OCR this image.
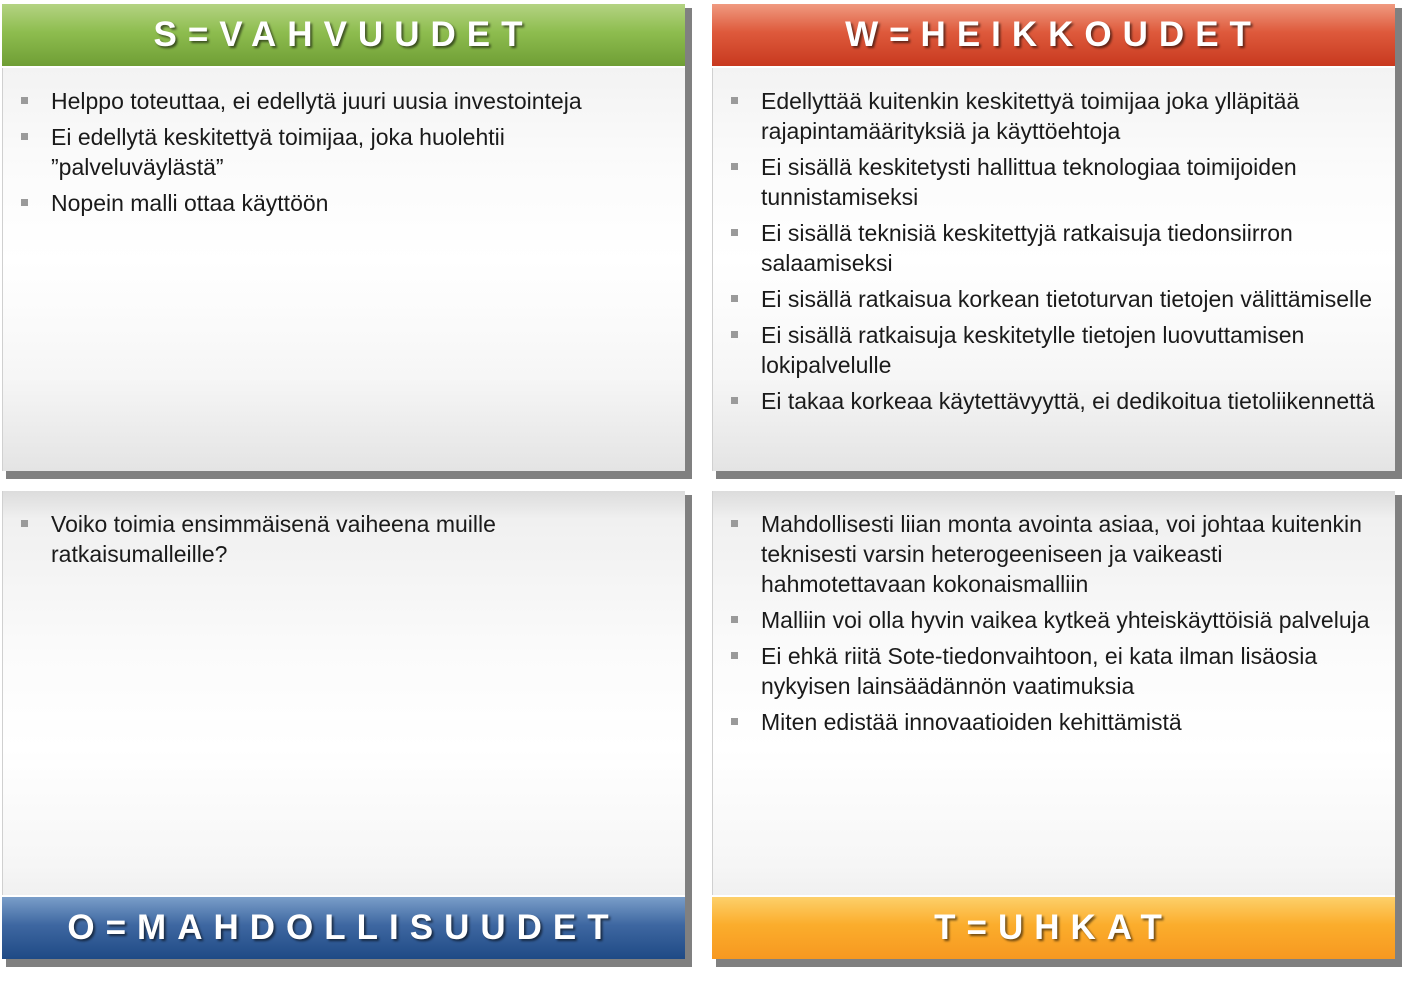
Helppo toteuttaa, ei edellytä juuri uusia investointeja
Ei edellytä keskitettyä toimijaa, joka huolehtii ”palveluväylästä”
Nopein malli ottaa käyttöön
S=VAHVUUDET
Edellyttää kuitenkin keskitettyä toimijaa joka ylläpitää rajapintamäärityksiä ja käyttöehtoja
Ei sisällä keskitetysti hallittua teknologiaa toimijoiden tunnistamiseksi
Ei sisällä teknisiä keskitettyjä ratkaisuja tiedonsiirron salaamiseksi
Ei sisällä ratkaisua korkean tietoturvan tietojen välittämiselle
Ei sisällä ratkaisuja keskitetylle tietojen luovuttamisen lokipalvelulle
Ei takaa korkeaa käytettävyyttä, ei dedikoitua tietoliikennettä
W=HEIKKOUDET
Voiko toimia ensimmäisenä vaiheena muille ratkaisumalleille?
O=MAHDOLLISUUDET
Mahdollisesti liian monta avointa asiaa, voi johtaa kuitenkin teknisesti varsin heterogeeniseen ja vaikeasti hahmotettavaan kokonaismalliin
Malliin voi olla hyvin vaikea kytkeä yhteiskäyttöisiä palveluja
Ei ehkä riitä Sote-tiedonvaihtoon, ei kata ilman lisäosia nykyisen lainsäädännön vaatimuksia
Miten edistää innovaatioiden kehittämistä
T=UHKAT
